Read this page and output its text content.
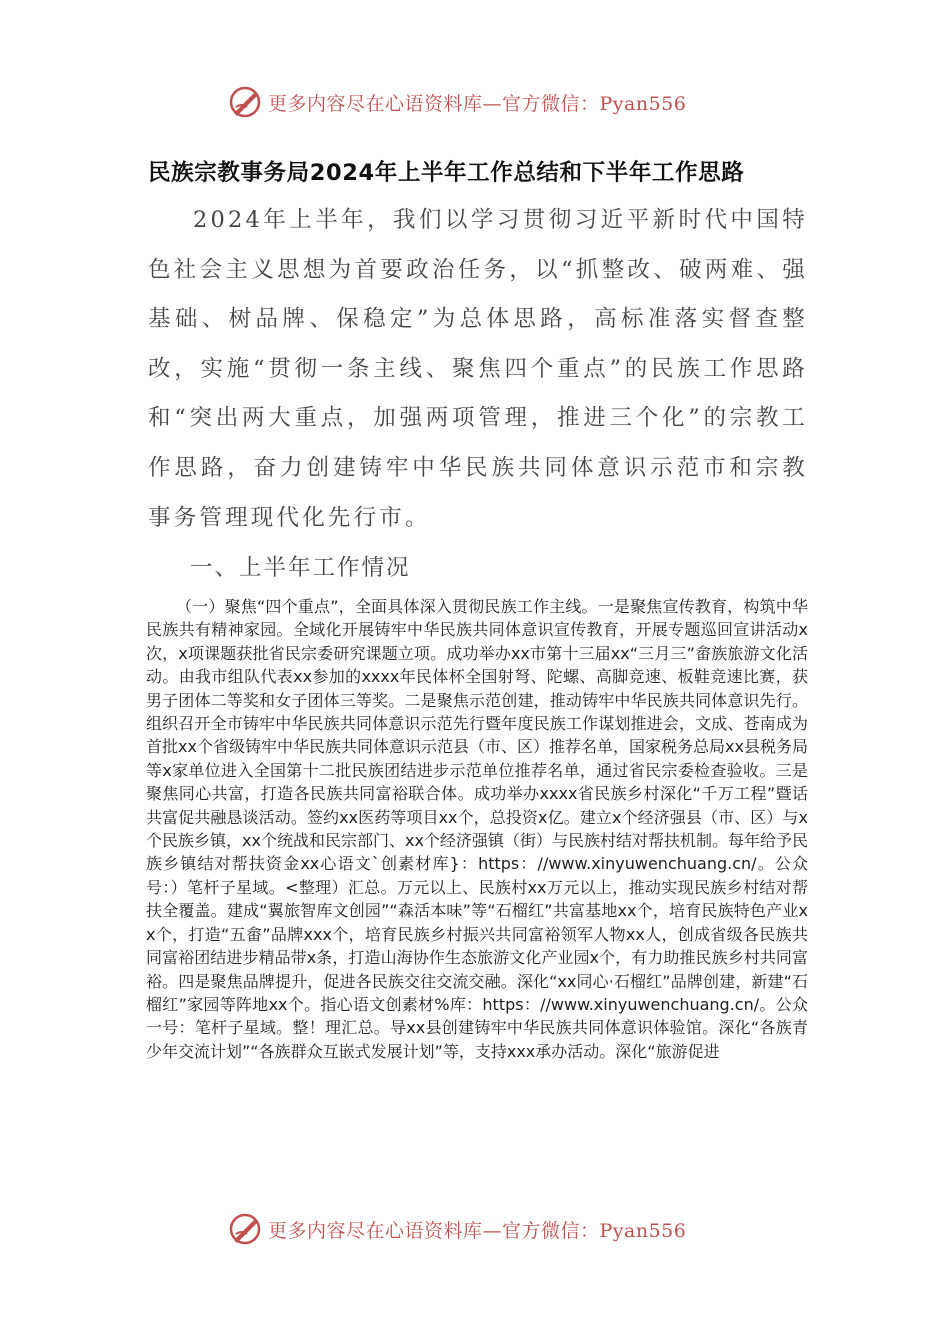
更多内容尽在心语资料库—官方微信：Pyan556
民族宗教事务局2024年上半年工作总结和下半年工作思路

2024年上半年，我们以学习贯彻习近平新时代中国特色社会主义思想为首要政治任务，以“抓整改、破两难、强基础、树品牌、保稳定”为总体思路，高标准落实督查整改，实施“贯彻一条主线、聚焦四个重点”的民族工作思路和“突出两大重点，加强两项管理，推进三个化”的宗教工作思路，奋力创建铸牢中华民族共同体意识示范市和宗教事务管理现代化先行市。

一、上半年工作情况

（一）聚焦“四个重点”，全面具体深入贯彻民族工作主线。一是聚焦宣传教育，构筑中华民族共有精神家园。全域化开展铸牢中华民族共同体意识宣传教育，开展专题巡回宣讲活动x次，x项课题获批省民宗委研究课题立项。成功举办xx市第十三届xx“三月三”畲族旅游文化活动。由我市组队代表xx参加的xxxx年民体杯全国射弩、陀螺、高脚竞速、板鞋竞速比赛，获男子团体二等奖和女子团体三等奖。二是聚焦示范创建，推动铸牢中华民族共同体意识先行。组织召开全市铸牢中华民族共同体意识示范先行暨年度民族工作谋划推进会，文成、苍南成为首批xx个省级铸牢中华民族共同体意识示范县（市、区）推荐名单，国家税务总局xx县税务局等x家单位进入全国第十二批民族团结进步示范单位推荐名单，通过省民宗委检查验收。三是聚焦同心共富，打造各民族共同富裕联合体。成功举办xxxx省民族乡村深化“千万工程”暨话共富促共融恳谈活动。签约xx医药等项目xx个，总投资x亿。建立x个经济强县（市、区）与x个民族乡镇，xx个统战和民宗部门、xx个经济强镇（街）与民族村结对帮扶机制。每年给予民族乡镇结对帮扶资金xx心语文`创素材库}：https：//www.xinyuwenchuang.cn/。公众号：）笔杆子星域。<整理）汇总。万元以上、民族村xx万元以上，推动实现民族乡村结对帮扶全覆盖。建成“翼旅智库文创园”“森活本味”等“石榴红”共富基地xx个，培育民族特色产业xx个，打造“五畲”品牌xxx个，培育民族乡村振兴共同富裕领军人物xx人，创成省级各民族共同富裕团结进步精品带x条，打造山海协作生态旅游文化产业园x个，有力助推民族乡村共同富裕。四是聚焦品牌提升，促进各民族交往交流交融。深化“xx同心·石榴红”品牌创建，新建“石榴红”家园等阵地xx个。指心语文创素材%库：https：//www.xinyuwenchuang.cn/。公众一号：笔杆子星域。整！理汇总。导xx县创建铸牢中华民族共同体意识体验馆。深化“各族青少年交流计划”“各族群众互嵌式发展计划”等，支持xxx承办活动。深化“旅游促进

更多内容尽在心语资料库—官方微信：Pyan556
